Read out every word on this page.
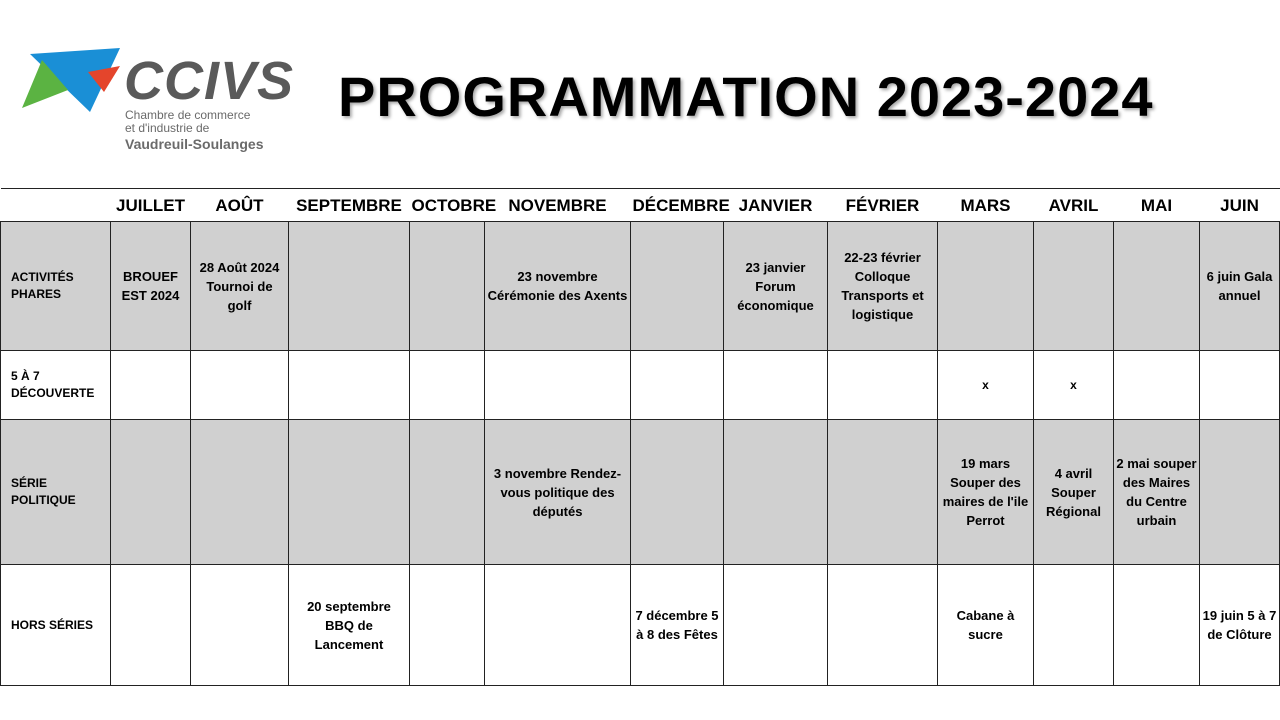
CCIVS
Chambre de commerce
et d'industrie de
Vaudreuil-Soulanges
PROGRAMMATION 2023-2024
	JUILLET	AOÛT	SEPTEMBRE	OCTOBRE	NOVEMBRE	DÉCEMBRE	JANVIER	FÉVRIER	MARS	AVRIL	MAI	JUIN
ACTIVITÉS
PHARES	BROUEF EST 2024	28 Août 2024 Tournoi de golf			23 novembre Cérémonie des Axents		23 janvier Forum économique	22-23 février Colloque Transports et logistique				6 juin Gala annuel
5 À 7
DÉCOUVERTE									x	x		
SÉRIE
POLITIQUE					3 novembre Rendez-vous politique des députés				19 mars Souper des maires de l'ile Perrot	4 avril Souper Régional	2 mai souper des Maires du Centre urbain	
HORS SÉRIES			20 septembre BBQ de Lancement			7 décembre 5 à 8 des Fêtes			Cabane à sucre			19 juin 5 à 7 de Clôture
